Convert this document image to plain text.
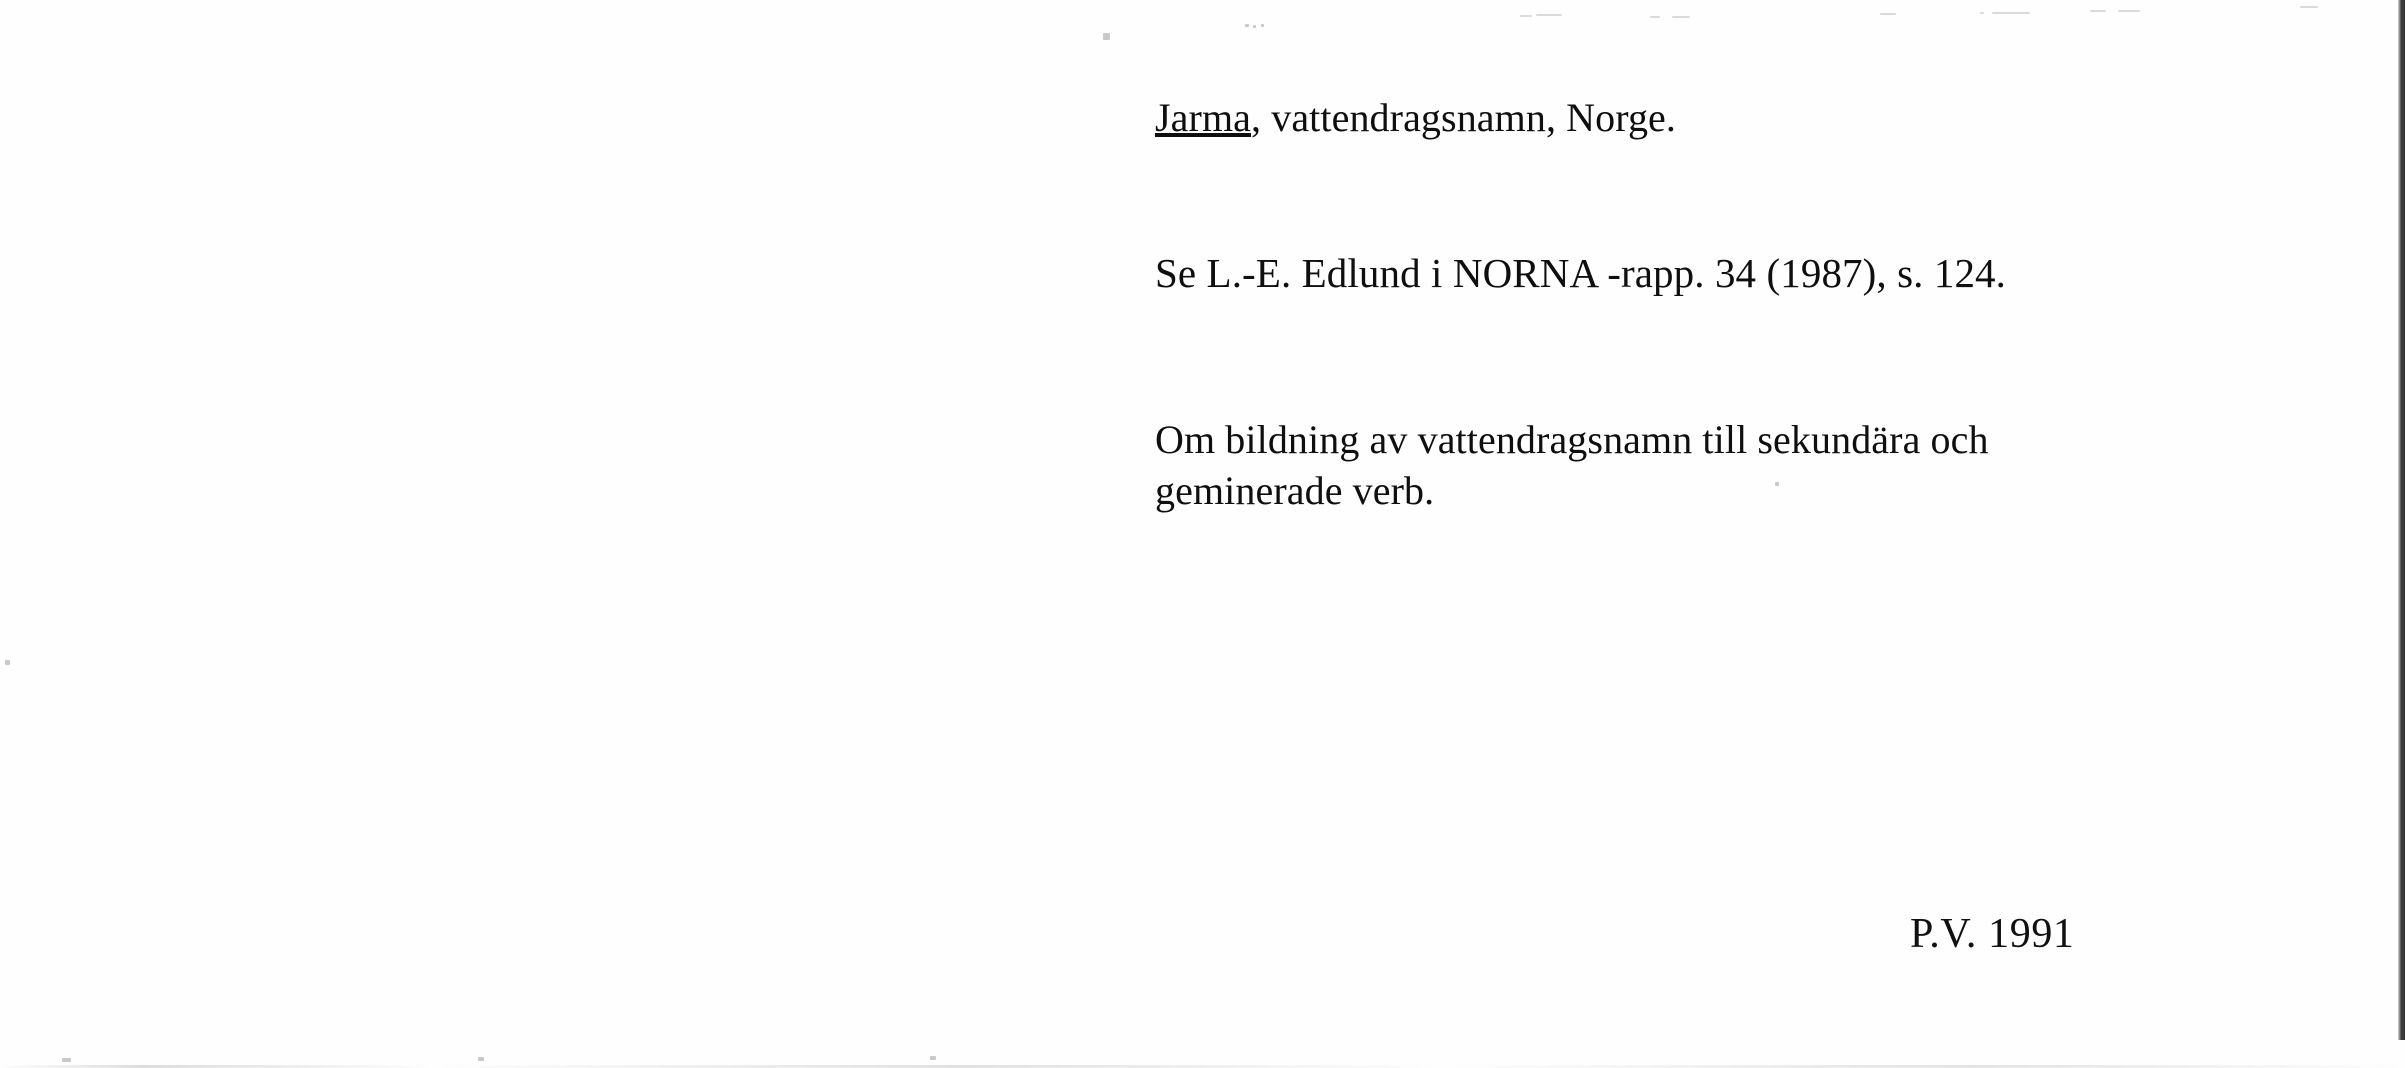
Jarma, vattendragsnamn, Norge.

Se L.-E. Edlund i NORNA -rapp. 34 (1987), s. 124.

Om bildning av vattendragsnamn till sekundära och
geminerade verb.

P.V. 1991
